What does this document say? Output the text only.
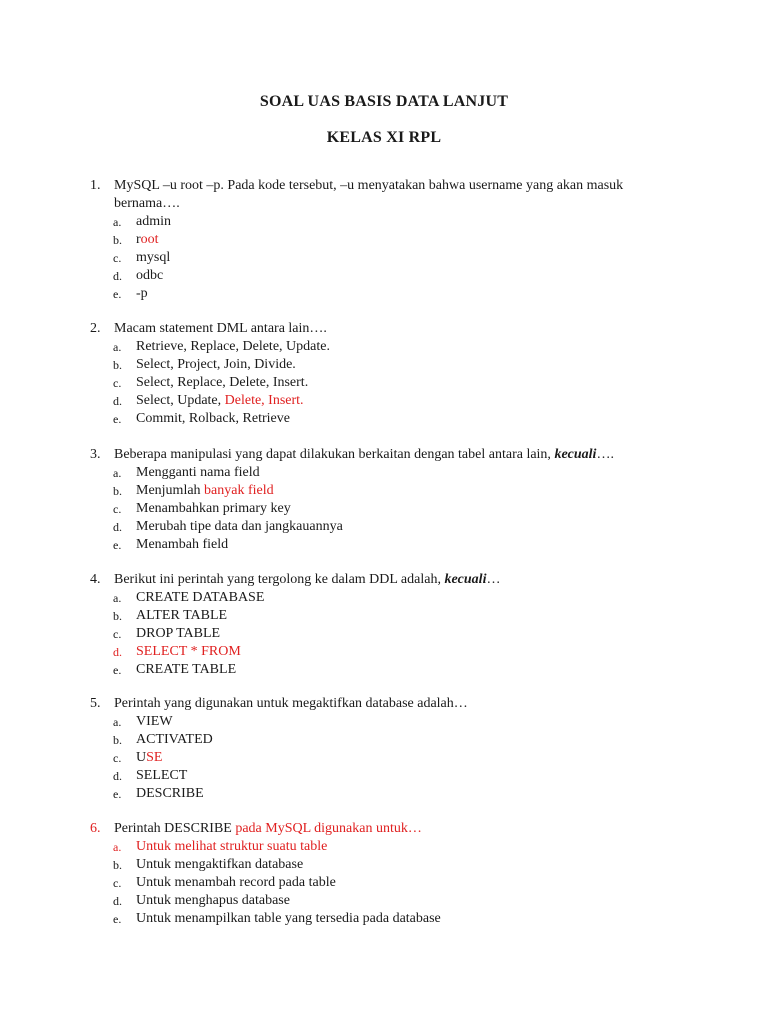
SOAL UAS BASIS DATA LANJUT
KELAS XI RPL
1. MySQL –u root –p. Pada kode tersebut, –u menyatakan bahwa username yang akan masuk bernama….
a. admin
b. root
c. mysql
d. odbc
e. -p
2. Macam statement DML antara lain….
a. Retrieve, Replace, Delete, Update.
b. Select, Project, Join, Divide.
c. Select, Replace, Delete, Insert.
d. Select, Update, Delete, Insert.
e. Commit, Rolback, Retrieve
3. Beberapa manipulasi yang dapat dilakukan berkaitan dengan tabel antara lain, kecuali….
a. Mengganti nama field
b. Menjumlah banyak field
c. Menambahkan primary key
d. Merubah tipe data dan jangkauannya
e. Menambah field
4. Berikut ini perintah yang tergolong ke dalam DDL adalah, kecuali…
a. CREATE DATABASE
b. ALTER TABLE
c. DROP TABLE
d. SELECT * FROM
e. CREATE TABLE
5. Perintah yang digunakan untuk megaktifkan database adalah…
a. VIEW
b. ACTIVATED
c. USE
d. SELECT
e. DESCRIBE
6. Perintah DESCRIBE pada MySQL digunakan untuk…
a. Untuk melihat struktur suatu table
b. Untuk mengaktifkan database
c. Untuk menambah record pada table
d. Untuk menghapus database
e. Untuk menampilkan table yang tersedia pada database
